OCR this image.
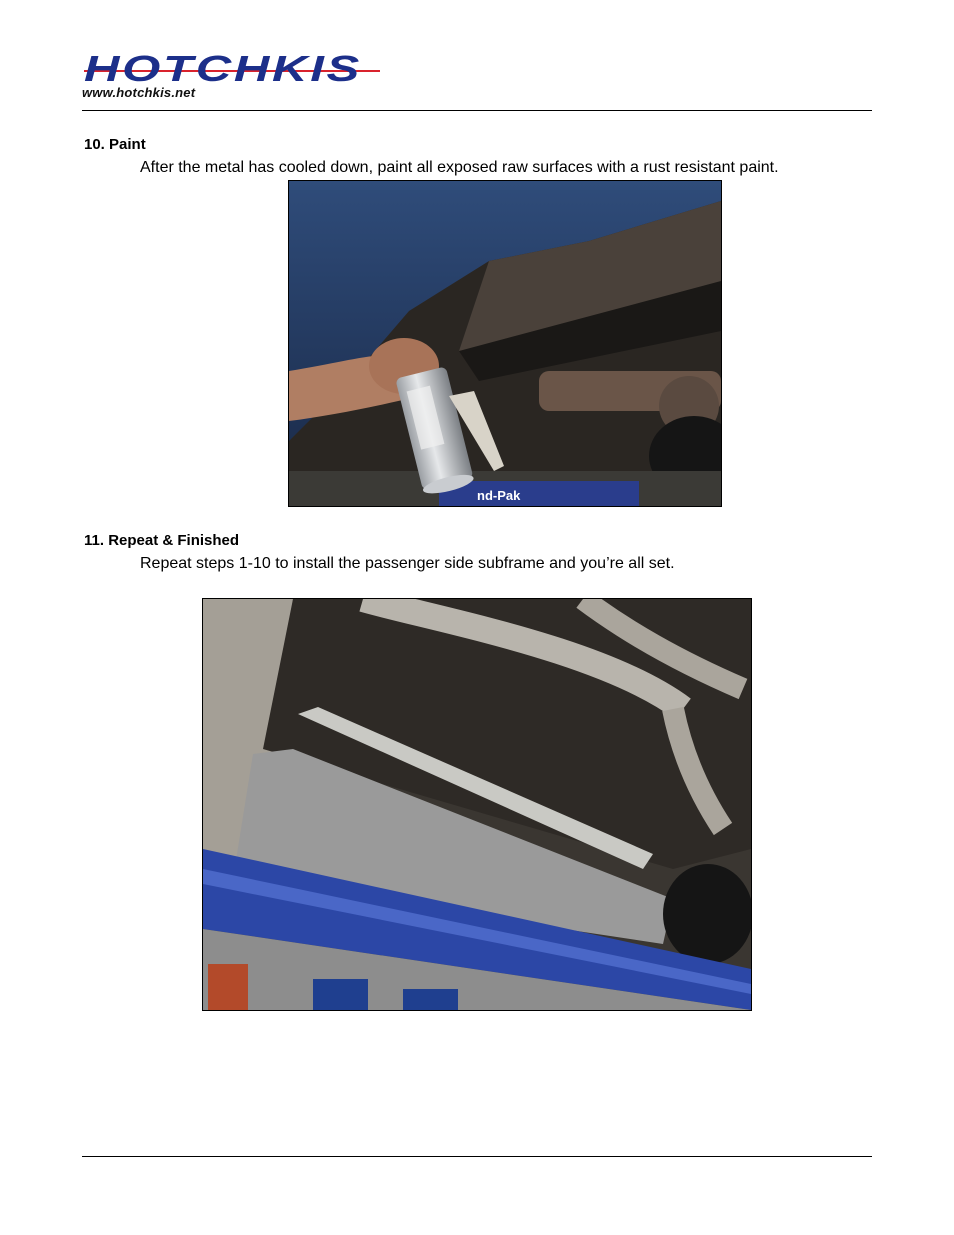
HOTCHKIS
www.hotchkis.net
10. Paint
After the metal has cooled down, paint all exposed raw surfaces with a rust resistant paint.
nd-Pak
11. Repeat & Finished
Repeat steps 1-10 to install the passenger side subframe and you’re all set.
